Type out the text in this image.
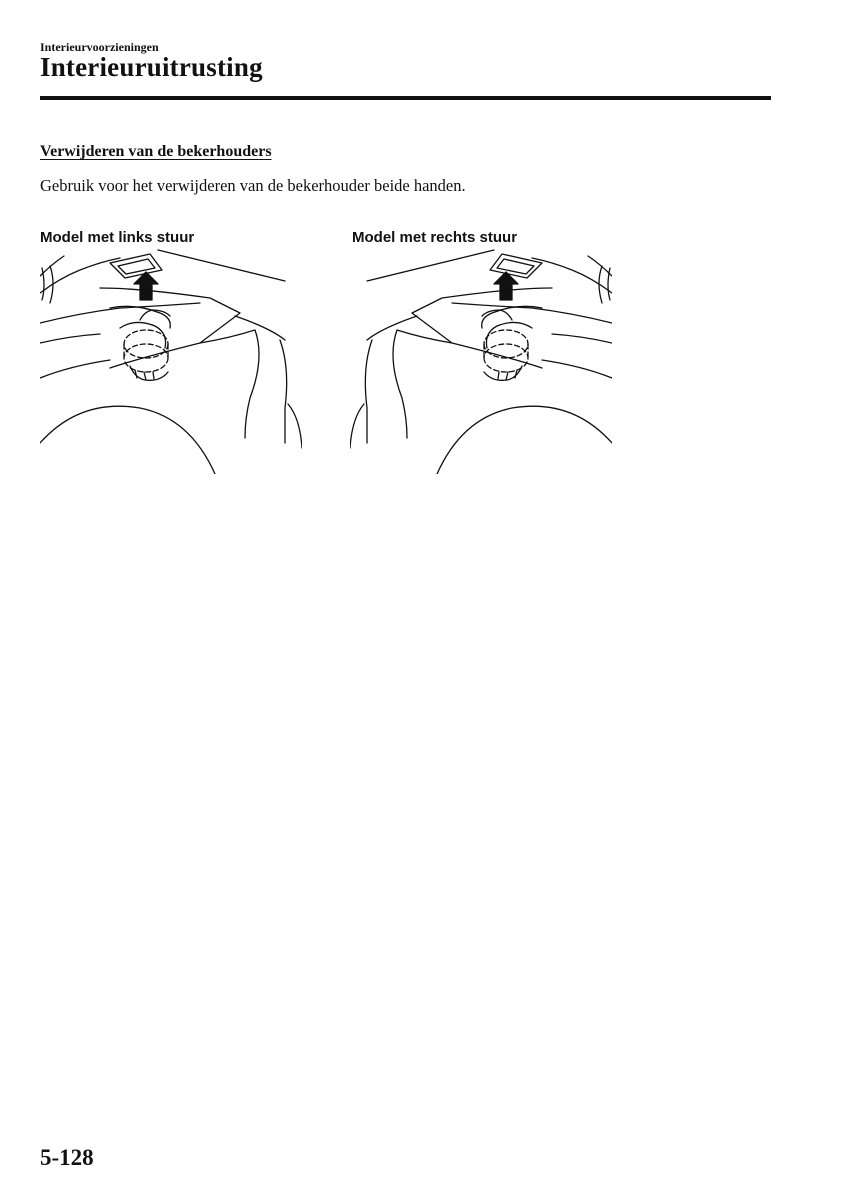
Interieurvoorzieningen
Interieuruitrusting
Verwijderen van de bekerhouders
Gebruik voor het verwijderen van de bekerhouder beide handen.
Model met links stuur	Model met rechts stuur
5-128
